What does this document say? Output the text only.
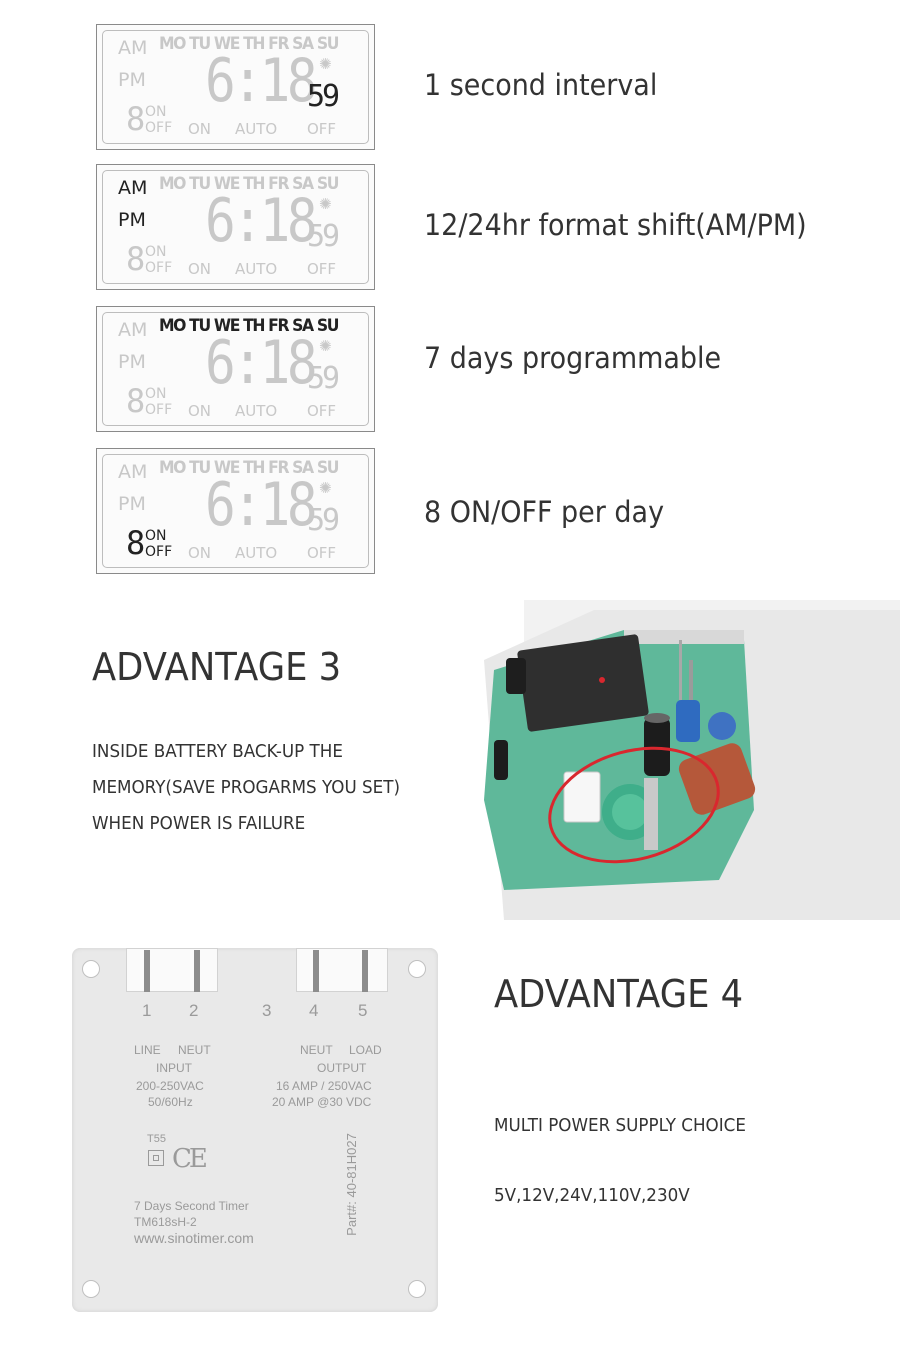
AM
PM
MO TU WE TH FR SA SU
6:18 ✺
59
8 ON
OFF ON AUTO OFF
1 second interval
AM
PM
MO TU WE TH FR SA SU
6:18 ✺
59
8 ON
OFF ON AUTO OFF
12/24hr format shift(AM/PM)
AM
PM
MO TU WE TH FR SA SU
6:18 ✺
59
8 ON
OFF ON AUTO OFF
7 days programmable
AM
PM
MO TU WE TH FR SA SU
6:18 ✺
59
8 ON
OFF ON AUTO OFF
8 ON/OFF per day
ADVANTAGE 3
INSIDE BATTERY BACK-UP THE
MEMORY(SAVE PROGARMS YOU SET)
WHEN POWER IS FAILURE
1 2	3 4 5
LINE NEUT	NEUT LOAD
INPUT	OUTPUT
200-250VAC
50/60Hz
16 AMP / 250VAC
20 AMP @30 VDC
T55
CE
7 Days Second Timer
TM618sH-2
www.sinotimer.com
Part#: 40-81H027
ADVANTAGE 4
MULTI POWER SUPPLY CHOICE
5V,12V,24V,110V,230V
